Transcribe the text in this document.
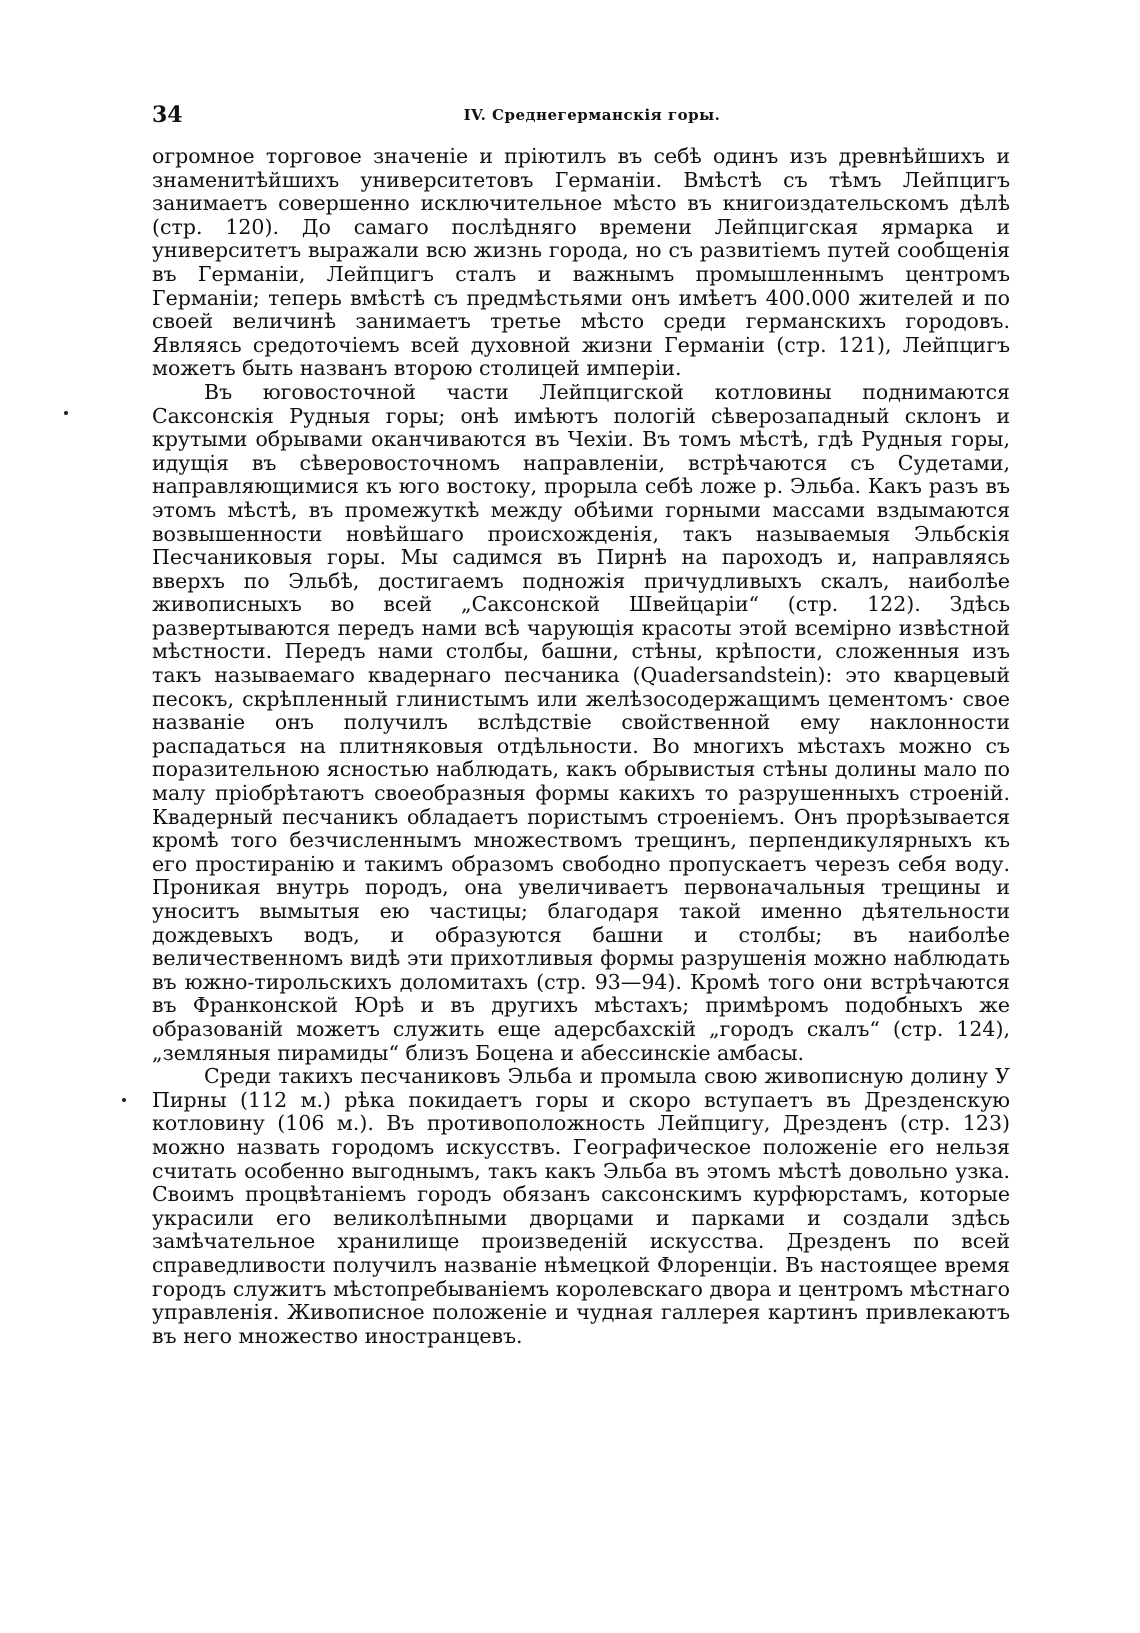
34	IV. Среднегерманскія горы.

огромное торговое значеніе и пріютилъ въ себѣ одинъ изъ древнѣйшихъ и знаменитѣйшихъ университетовъ Германіи. Вмѣстѣ съ тѣмъ Лейпцигъ занимаетъ совершенно исключительное мѣсто въ книгоиздательскомъ дѣлѣ (стр. 120). До самаго послѣдняго времени Лейпцигская ярмарка и университетъ выражали всю жизнь города, но съ развитіемъ путей сообщенія въ Германіи, Лейпцигъ сталъ и важнымъ промышленнымъ центромъ Германіи; теперь вмѣстѣ съ предмѣстьями онъ имѣетъ 400.000 жителей и по своей величинѣ занимаетъ третье мѣсто среди германскихъ городовъ. Являясь средоточіемъ всей духовной жизни Германіи (стр. 121), Лейпцигъ можетъ быть названъ второю столицей имперіи.

Въ юговосточной части Лейпцигской котловины поднимаются Саксонскія Рудныя горы; онѣ имѣютъ пологій сѣверозападный склонъ и крутыми обрывами оканчиваются въ Чехіи. Въ томъ мѣстѣ, гдѣ Рудныя горы, идущія въ сѣверовосточномъ направленіи, встрѣчаются съ Судетами, направляющимися къ юго востоку, прорыла себѣ ложе р. Эльба. Какъ разъ въ этомъ мѣстѣ, въ промежуткѣ между обѣими горными массами вздымаются возвышенности новѣйшаго происхожденія, такъ называемыя Эльбскія Песчаниковыя горы. Мы садимся въ Пирнѣ на пароходъ и, направляясь вверхъ по Эльбѣ, достигаемъ подножія причудливыхъ скалъ, наиболѣе живописныхъ во всей „Саксонской Швейцаріи“ (стр. 122). Здѣсь развертываются передъ нами всѣ чарующія красоты этой всемірно извѣстной мѣстности. Передъ нами столбы, башни, стѣны, крѣпости, сложенныя изъ такъ называемаго квадернаго песчаника (Quadersandstein): это кварцевый песокъ, скрѣпленный глинистымъ или желѣзосодержащимъ цементомъ· свое названіе онъ получилъ вслѣдствіе свойственной ему наклонности распадаться на плитняковыя отдѣльности. Во многихъ мѣстахъ можно съ поразительною ясностью наблюдать, какъ обрывистыя стѣны долины мало по малу пріобрѣтаютъ своеобразныя формы какихъ то разрушенныхъ строеній. Квадерный песчаникъ обладаетъ пористымъ строеніемъ. Онъ прорѣзывается кромѣ того безчисленнымъ множествомъ трещинъ, перпендикулярныхъ къ его простиранію и такимъ образомъ свободно пропускаетъ черезъ себя воду. Проникая внутрь породъ, она увеличиваетъ первоначальныя трещины и уноситъ вымытыя ею частицы; благодаря такой именно дѣятельности дождевыхъ водъ, и образуются башни и столбы; въ наиболѣе величественномъ видѣ эти прихотливыя формы разрушенія можно наблюдать въ южно-тирольскихъ доломитахъ (стр. 93—94). Кромѣ того они встрѣчаются въ Франконской Юрѣ и въ другихъ мѣстахъ; примѣромъ подобныхъ же образованій можетъ служить еще адерсбахскій „городъ скалъ“ (стр. 124), „земляныя пирамиды“ близъ Боцена и абессинскіе амбасы.

Среди такихъ песчаниковъ Эльба и промыла свою живописную долину У Пирны (112 м.) рѣка покидаетъ горы и скоро вступаетъ въ Дрезденскую котловину (106 м.). Въ противоположность Лейпцигу, Дрезденъ (стр. 123) можно назвать городомъ искусствъ. Географическое положеніе его нельзя считать особенно выгоднымъ, такъ какъ Эльба въ этомъ мѣстѣ довольно узка. Своимъ процвѣтаніемъ городъ обязанъ саксонскимъ курфюрстамъ, которые украсили его великолѣпными дворцами и парками и создали здѣсь замѣчательное хранилище произведеній искусства. Дрезденъ по всей справедливости получилъ названіе нѣмецкой Флоренціи. Въ настоящее время городъ служитъ мѣстопребываніемъ королевскаго двора и центромъ мѣстнаго управленія. Живописное положеніе и чудная галлерея картинъ привлекаютъ въ него множество иностранцевъ.
